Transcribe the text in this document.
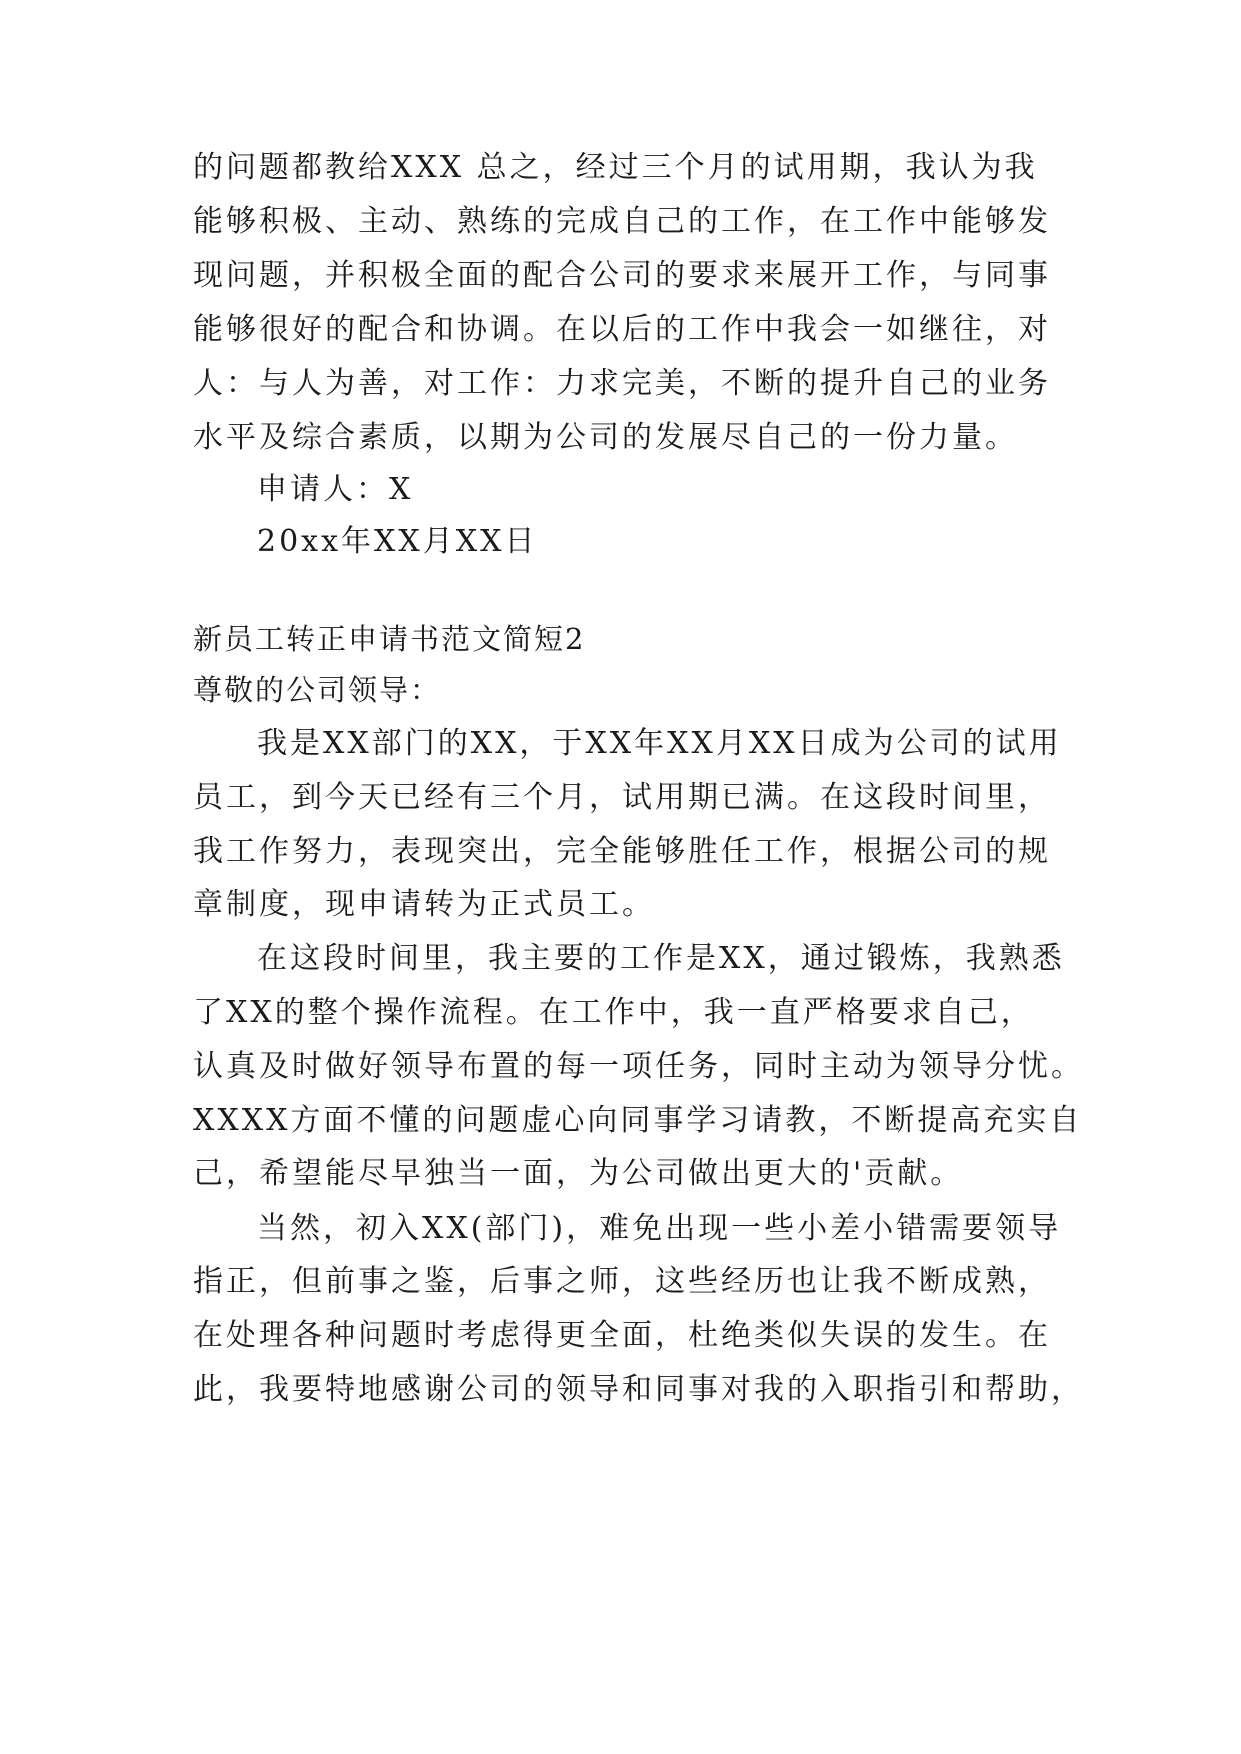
的问题都教给XXX 总之，经过三个月的试用期，我认为我
能够积极、主动、熟练的完成自己的工作，在工作中能够发
现问题，并积极全面的配合公司的要求来展开工作，与同事
能够很好的配合和协调。在以后的工作中我会一如继往，对
人：与人为善，对工作：力求完美，不断的提升自己的业务
水平及综合素质，以期为公司的发展尽自己的一份力量。
申请人：X
20xx年XX月XX日
新员工转正申请书范文简短2
尊敬的公司领导：
我是XX部门的XX，于XX年XX月XX日成为公司的试用
员工，到今天已经有三个月，试用期已满。在这段时间里，
我工作努力，表现突出，完全能够胜任工作，根据公司的规
章制度，现申请转为正式员工。
在这段时间里，我主要的工作是XX，通过锻炼，我熟悉
了XX的整个操作流程。在工作中，我一直严格要求自己，
认真及时做好领导布置的每一项任务，同时主动为领导分忧。
XXXX方面不懂的问题虚心向同事学习请教，不断提高充实自
己，希望能尽早独当一面，为公司做出更大的'贡献。
当然，初入XX(部门)，难免出现一些小差小错需要领导
指正，但前事之鉴，后事之师，这些经历也让我不断成熟，
在处理各种问题时考虑得更全面，杜绝类似失误的发生。在
此，我要特地感谢公司的领导和同事对我的入职指引和帮助，
